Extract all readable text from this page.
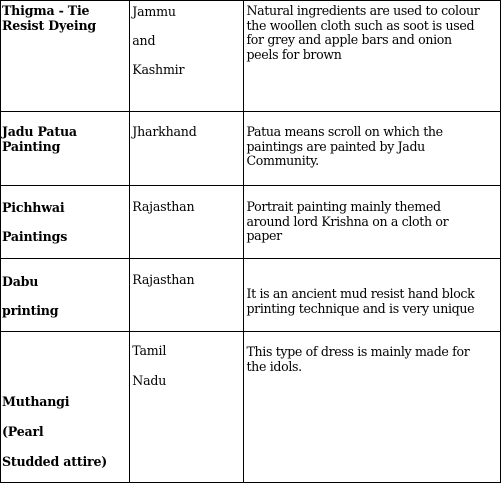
Thigma - Tie
Resist Dyeing	Jammu
and
Kashmir	Natural ingredients are used to colour
the woollen cloth such as soot is used
for grey and apple bars and onion
peels for brown

Jadu Patua
Painting	Jharkhand	Patua means scroll on which the
paintings are painted by Jadu
Community.

Pichhwai
Paintings	Rajasthan	Portrait painting mainly themed
around lord Krishna on a cloth or
paper

Dabu
printing	Rajasthan	It is an ancient mud resist hand block
printing technique and is very unique

Muthangi
(Pearl
Studded attire)	Tamil
Nadu	This type of dress is mainly made for
the idols.
